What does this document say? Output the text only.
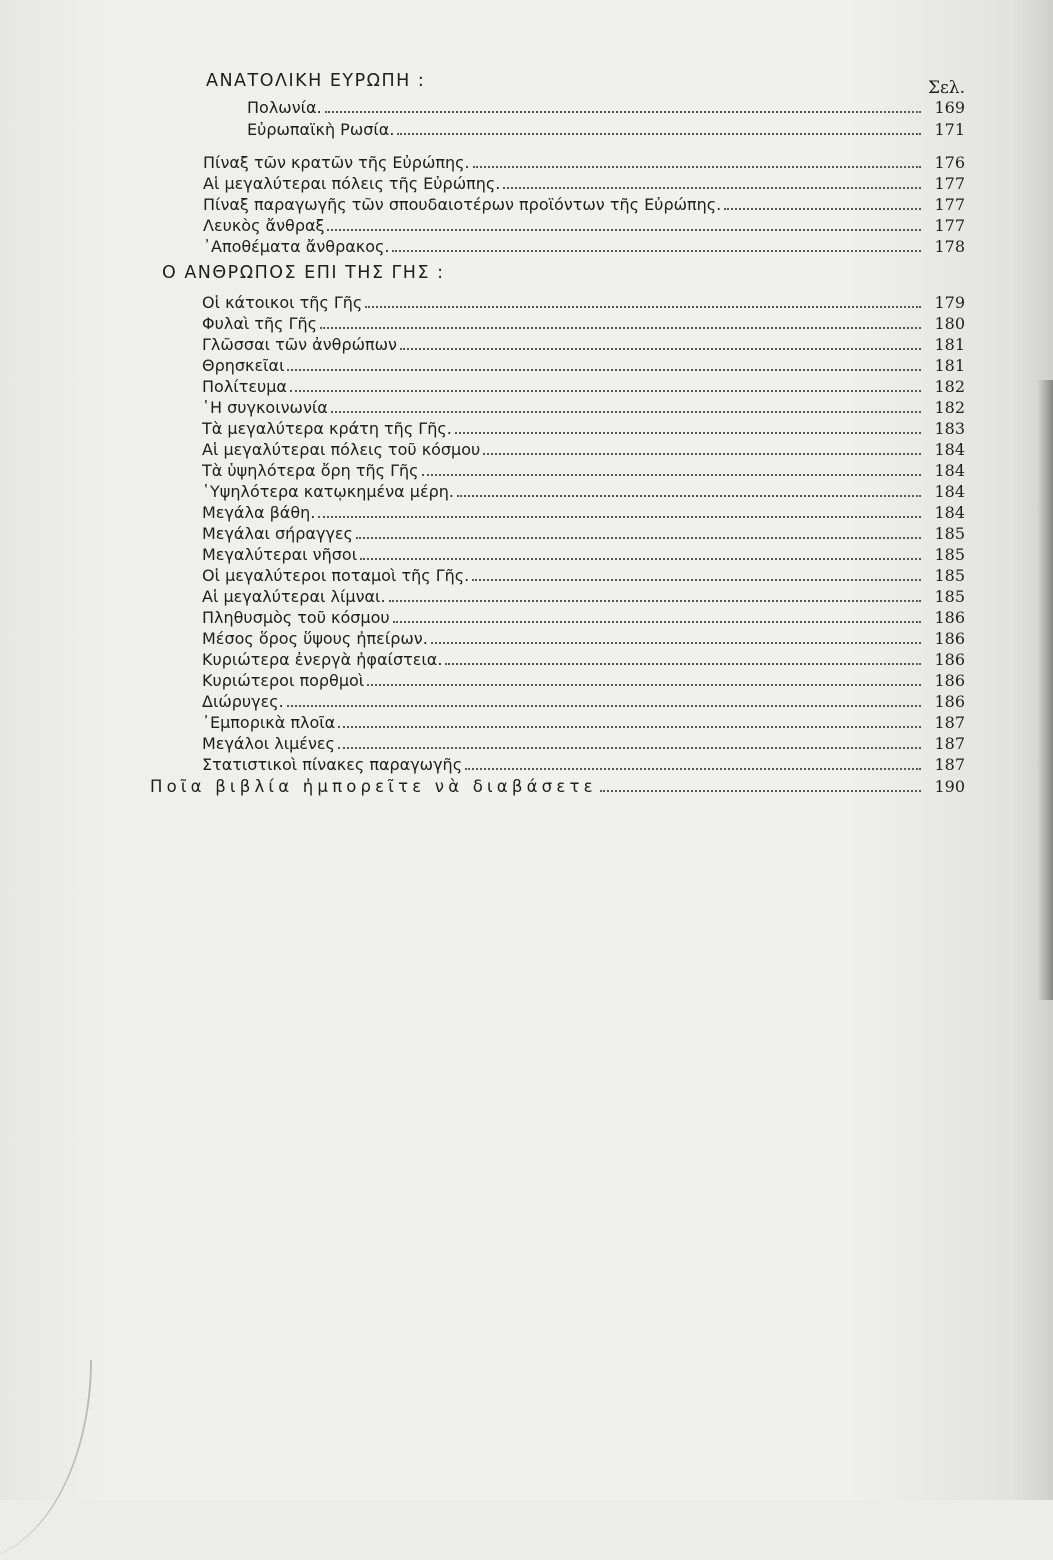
ΑΝΑΤΟΛΙΚΗ ΕΥΡΩΠΗ :	Σελ.
Πολωνία.	169
Εὐρωπαϊκὴ Ρωσία.	171
Πίναξ τῶν κρατῶν τῆς Εὐρώπης.	176
Αἱ μεγαλύτεραι πόλεις τῆς Εὐρώπης.	177
Πίναξ παραγωγῆς τῶν σπουδαιοτέρων προϊόντων τῆς Εὐρώπης.	177
Λευκὸς ἄνθραξ	177
᾿Αποθέματα ἄνθρακος.	178
Ο ΑΝΘΡΩΠΟΣ ΕΠΙ ΤΗΣ ΓΗΣ :
Οἱ κάτοικοι τῆς Γῆς	179
Φυλαὶ τῆς Γῆς	180
Γλῶσσαι τῶν ἀνθρώπων	181
Θρησκεῖαι	181
Πολίτευμα	182
῾Η συγκοινωνία	182
Τὰ μεγαλύτερα κράτη τῆς Γῆς.	183
Αἱ μεγαλύτεραι πόλεις τοῦ κόσμου	184
Τὰ ὑψηλότερα ὄρη τῆς Γῆς	184
῾Υψηλότερα κατῳκημένα μέρη.	184
Μεγάλα βάθη.	184
Μεγάλαι σήραγγες	185
Μεγαλύτεραι νῆσοι	185
Οἱ μεγαλύτεροι ποταμοὶ τῆς Γῆς.	185
Αἱ μεγαλύτεραι λίμναι.	185
Πληθυσμὸς τοῦ κόσμου	186
Μέσος ὅρος ὕψους ἠπείρων.	186
Κυριώτερα ἐνεργὰ ἡφαίστεια.	186
Κυριώτεροι πορθμοὶ	186
Διώρυγες.	186
᾿Εμπορικὰ πλοῖα	187
Μεγάλοι λιμένες	187
Στατιστικοὶ πίνακες παραγωγῆς	187
Ποῖα βιβλία ἠμπορεῖτε νὰ διαβάσετε	190
